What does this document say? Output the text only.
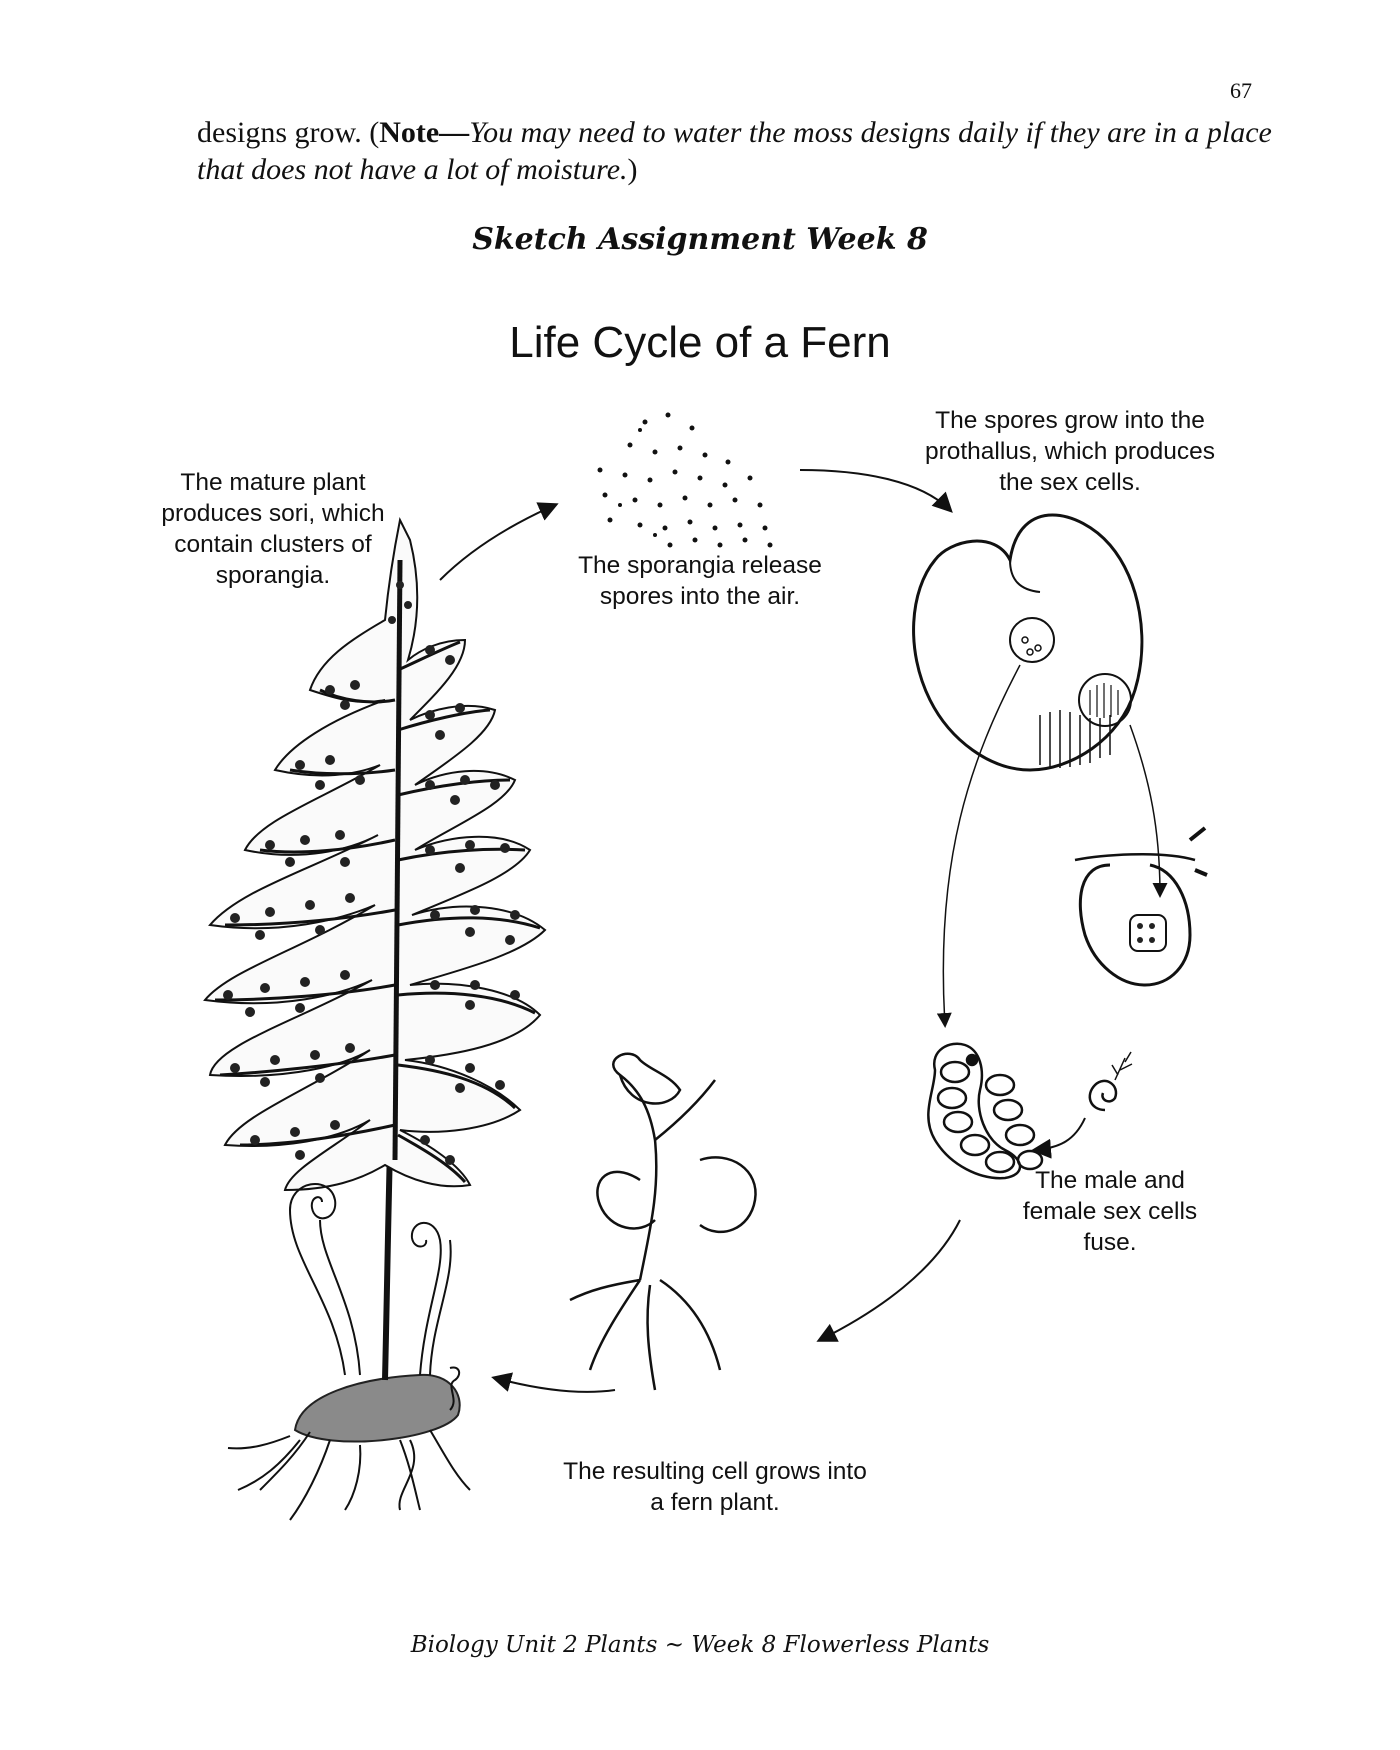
67
designs grow. (Note—You may need to water the moss designs daily if they are in a place that does not have a lot of moisture.)
Sketch Assignment Week 8
Life Cycle of a Fern
The mature plant produces sori, which contain clusters of sporangia.	The sporangia release spores into the air.
The spores grow into the prothallus, which produces the sex cells.
The male and female sex cells fuse.
The resulting cell grows into a fern plant.
Biology Unit 2 Plants ~ Week 8 Flowerless Plants
